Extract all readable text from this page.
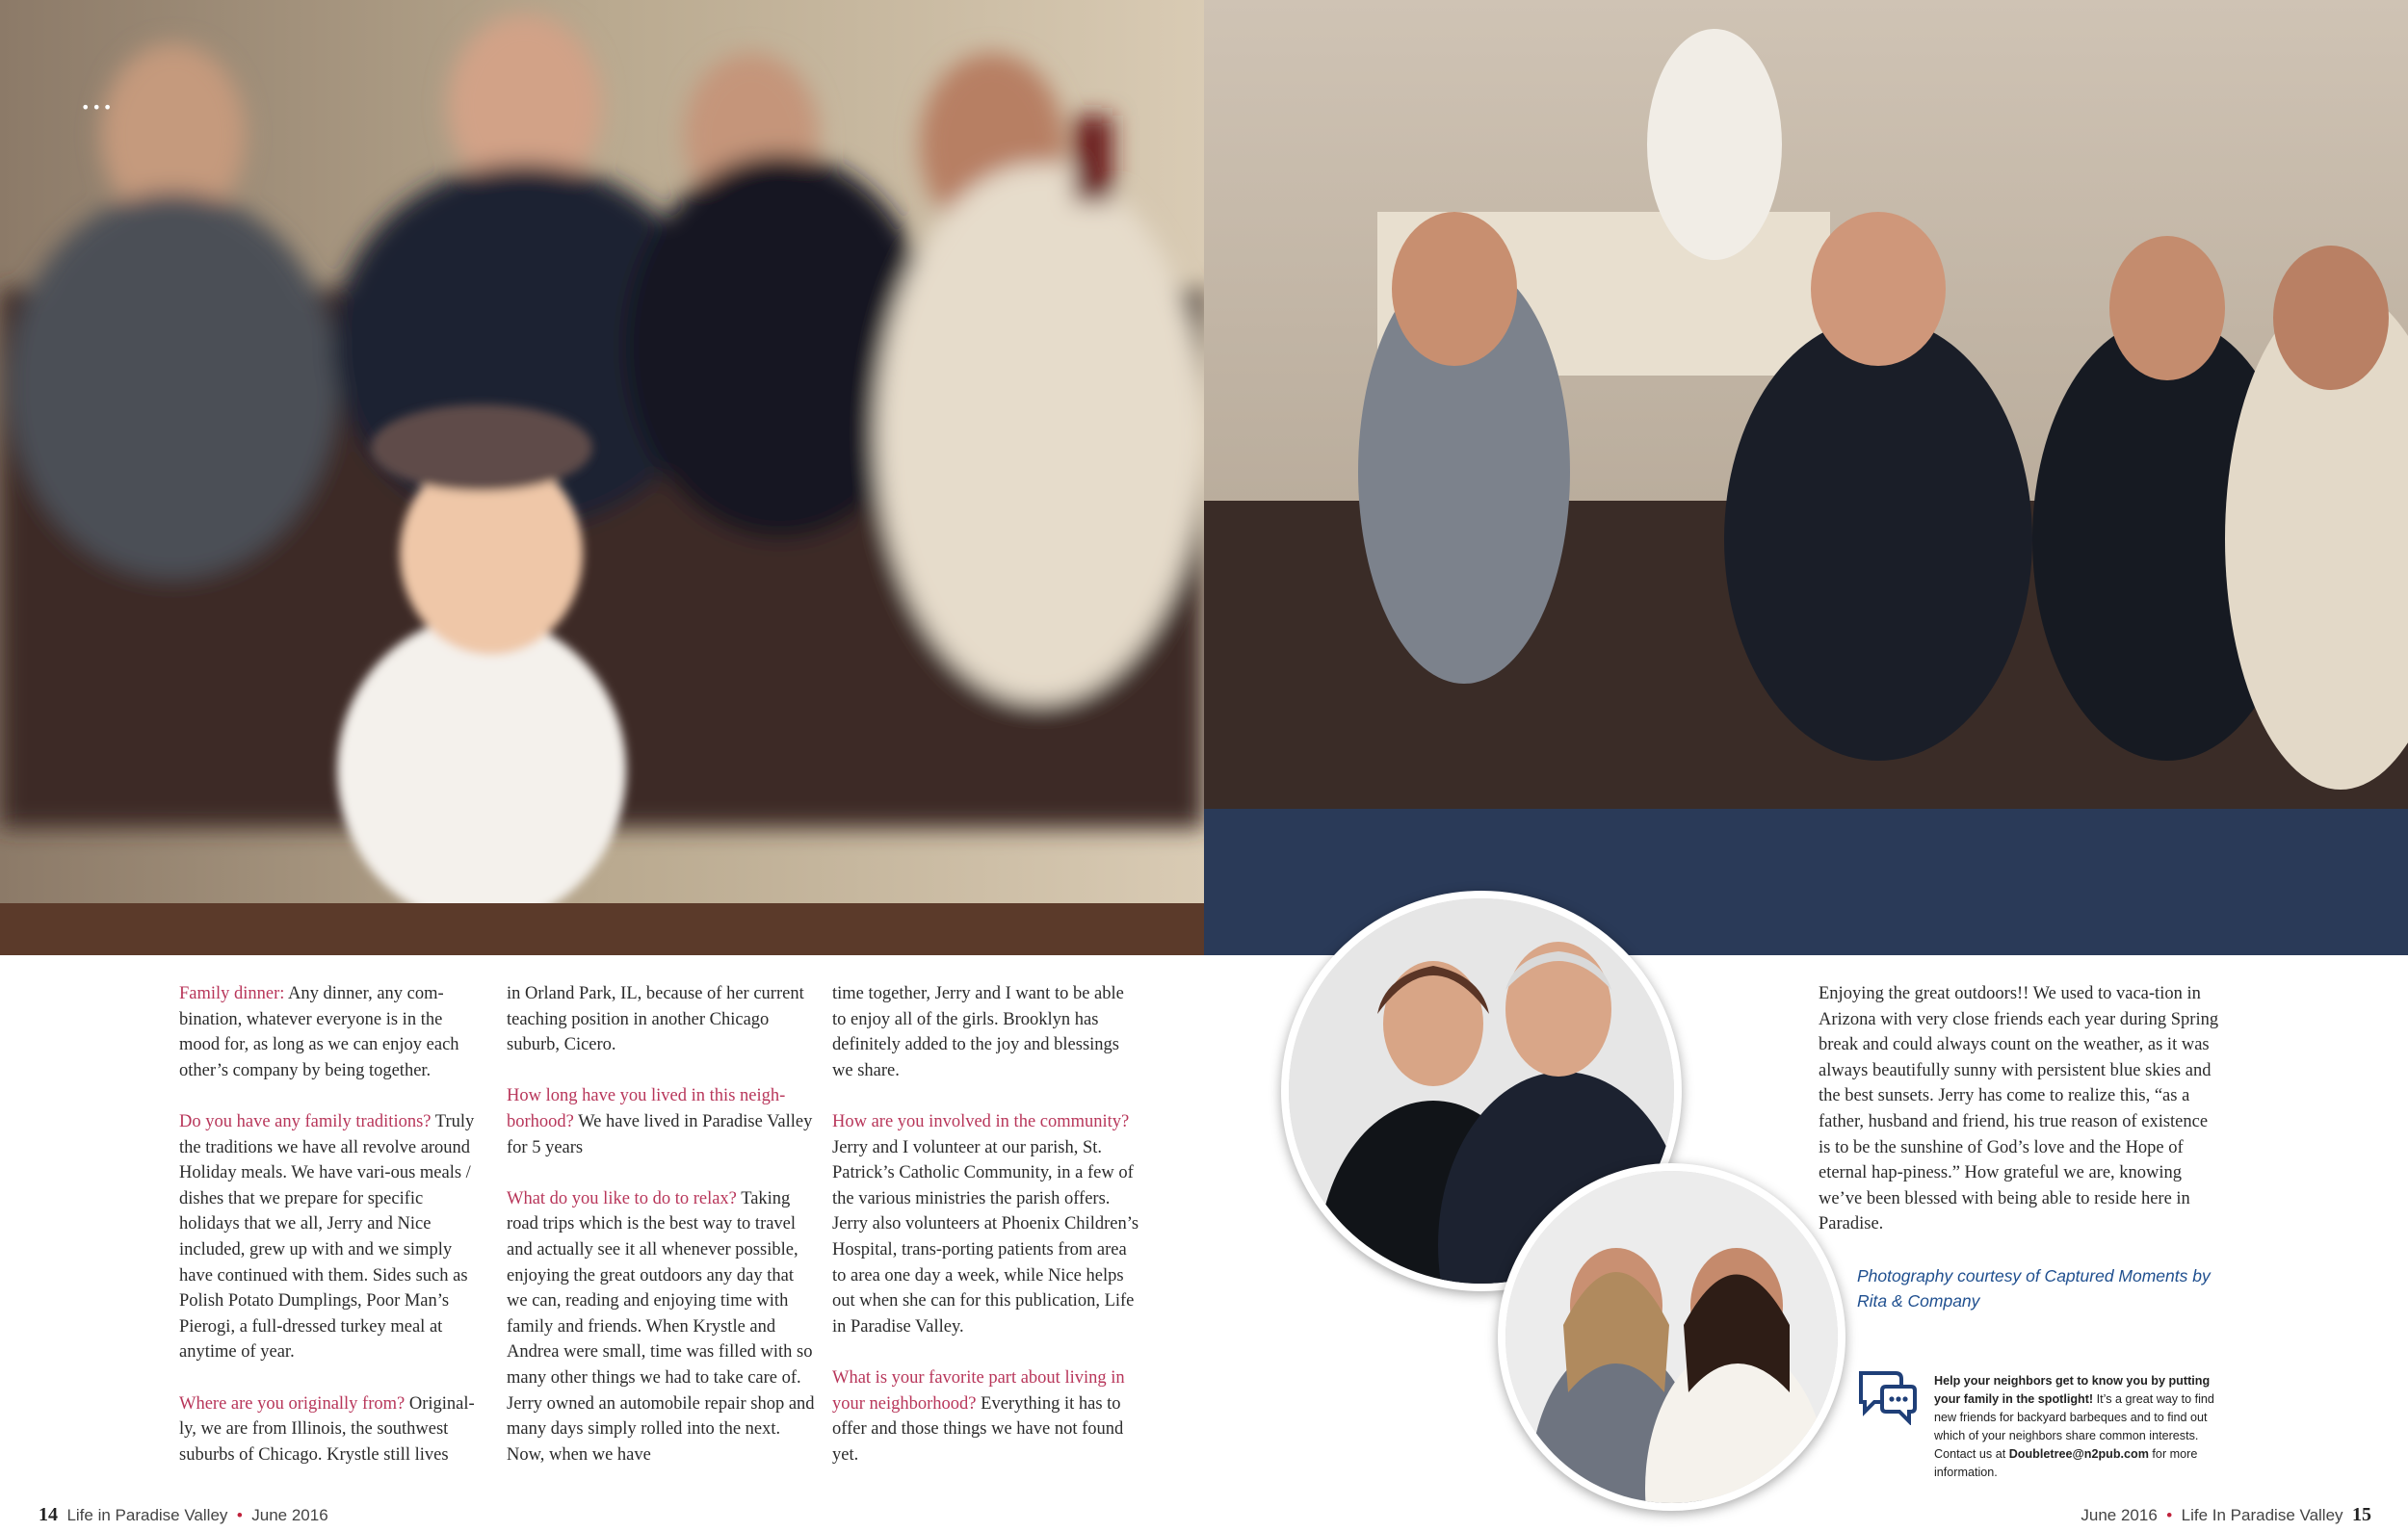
•••

Family dinner: Any dinner, any com-bination, whatever everyone is in the mood for, as long as we can enjoy each other’s company by being together.

Do you have any family traditions? Truly the traditions we have all revolve around Holiday meals. We have vari-ous meals / dishes that we prepare for specific holidays that we all, Jerry and Nice included, grew up with and we simply have continued with them. Sides such as Polish Potato Dumplings, Poor Man’s Pierogi, a full-dressed turkey meal at anytime of year.

Where are you originally from? Original-ly, we are from Illinois, the southwest suburbs of Chicago. Krystle still lives

in Orland Park, IL, because of her current teaching position in another Chicago suburb, Cicero.

How long have you lived in this neigh-borhood? We have lived in Paradise Valley for 5 years

What do you like to do to relax? Taking road trips which is the best way to travel and actually see it all whenever possible, enjoying the great outdoors any day that we can, reading and enjoying time with family and friends. When Krystle and Andrea were small, time was filled with so many other things we had to take care of. Jerry owned an automobile repair shop and many days simply rolled into the next. Now, when we have

time together, Jerry and I want to be able to enjoy all of the girls. Brooklyn has definitely added to the joy and blessings we share.

How are you involved in the community? Jerry and I volunteer at our parish, St. Patrick’s Catholic Community, in a few of the various ministries the parish offers. Jerry also volunteers at Phoenix Children’s Hospital, trans-porting patients from area to area one day a week, while Nice helps out when she can for this publication, Life in Paradise Valley.

What is your favorite part about living in your neighborhood? Everything it has to offer and those things we have not found yet.

Enjoying the great outdoors!! We used to vaca-tion in Arizona with very close friends each year during Spring break and could always count on the weather, as it was always beautifully sunny with persistent blue skies and the best sunsets. Jerry has come to realize this, “as a father, husband and friend, his true reason of existence is to be the sunshine of God’s love and the Hope of eternal hap-piness.” How grateful we are, knowing we’ve been blessed with being able to reside here in Paradise.

Photography courtesy of Captured Moments by Rita & Company
Help your neighbors get to know you by putting your family in the spotlight! It’s a great way to find new friends for backyard barbeques and to find out which of your neighbors share common interests. Contact us at Doubletree@n2pub.com for more information.
14 Life in Paradise Valley • June 2016	June 2016 • Life In Paradise Valley 15
